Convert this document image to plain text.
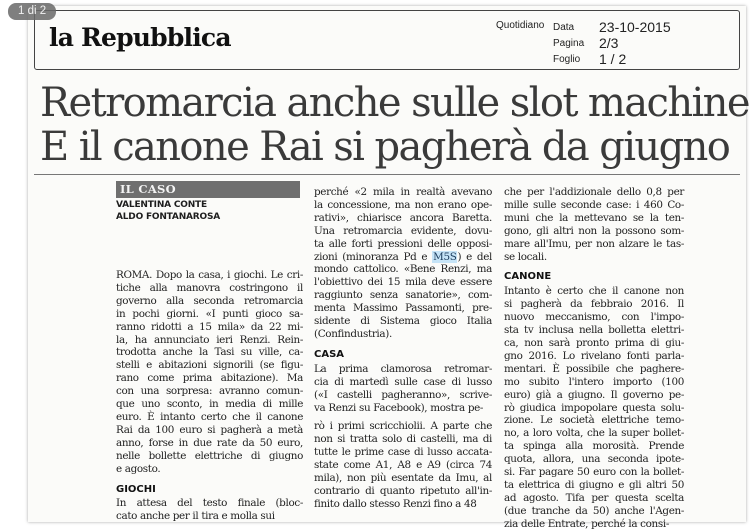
la Repubblica	Quotidiano Data	23-10-2015
Pagina	2/3
Foglio	1 / 2
Retromarcia anche sulle slot machine
E il canone Rai si pagherà da giugno
IL CASO
VALENTINA CONTE
ALDO FONTANAROSA
ROMA. Dopo la casa, i giochi. Le cri-
tiche alla manovra costringono il
governo alla seconda retromarcia
in pochi giorni. «I punti gioco sa-
ranno ridotti a 15 mila» da 22 mi-
la, ha annunciato ieri Renzi. Rein-
trodotta anche la Tasi su ville, ca-
stelli e abitazioni signorili (se figu-
rano come prima abitazione). Ma
con una sorpresa: avranno comun-
que uno sconto, in media di mille
euro. È intanto certo che il canone
Rai da 100 euro si pagherà a metà
anno, forse in due rate da 50 euro,
nelle bollette elettriche di giugno
e agosto.
GIOCHI
In attesa del testo finale (bloc-
cato anche per il tira e molla sui
perché «2 mila in realtà avevano
la concessione, ma non erano ope-
rativi», chiarisce ancora Baretta.
Una retromarcia evidente, dovu-
ta alle forti pressioni delle opposi-
zioni (minoranza Pd e M5S) e del
mondo cattolico. «Bene Renzi, ma
l'obiettivo dei 15 mila deve essere
raggiunto senza sanatorie», com-
menta Massimo Passamonti, pre-
sidente di Sistema gioco Italia
(Confindustria).
CASA
La prima clamorosa retromar-
cia di martedì sulle case di lusso
(«I castelli pagheranno», scrive-
va Renzi su Facebook), mostra pe-
rò i primi scricchiolii. A parte che
non si tratta solo di castelli, ma di
tutte le prime case di lusso accata-
state come A1, A8 e A9 (circa 74
mila), non più esentate da Imu, al
contrario di quanto ripetuto all'in-
finito dallo stesso Renzi fino a 48
che per l'addizionale dello 0,8 per
mille sulle seconde case: i 460 Co-
muni che la mettevano se la ten-
gono, gli altri non la possono som-
mare all'Imu, per non alzare le tas-
se locali.
CANONE
Intanto è certo che il canone non
si pagherà da febbraio 2016. Il
nuovo meccanismo, con l'impo-
sta tv inclusa nella bolletta elettri-
ca, non sarà pronto prima di giu-
gno 2016. Lo rivelano fonti parla-
mentari. È possibile che paghere-
mo subito l'intero importo (100
euro) già a giugno. Il governo pe-
rò giudica impopolare questa solu-
zione. Le società elettriche temo-
no, a loro volta, che la super bollet-
ta spinga alla morosità. Prende
quota, allora, una seconda ipote-
si. Far pagare 50 euro con la bollet-
ta elettrica di giugno e gli altri 50
ad agosto. Tifa per questa scelta
(due tranche da 50) anche l'Agen-
zia delle Entrate, perché la consi-
1 di 2
